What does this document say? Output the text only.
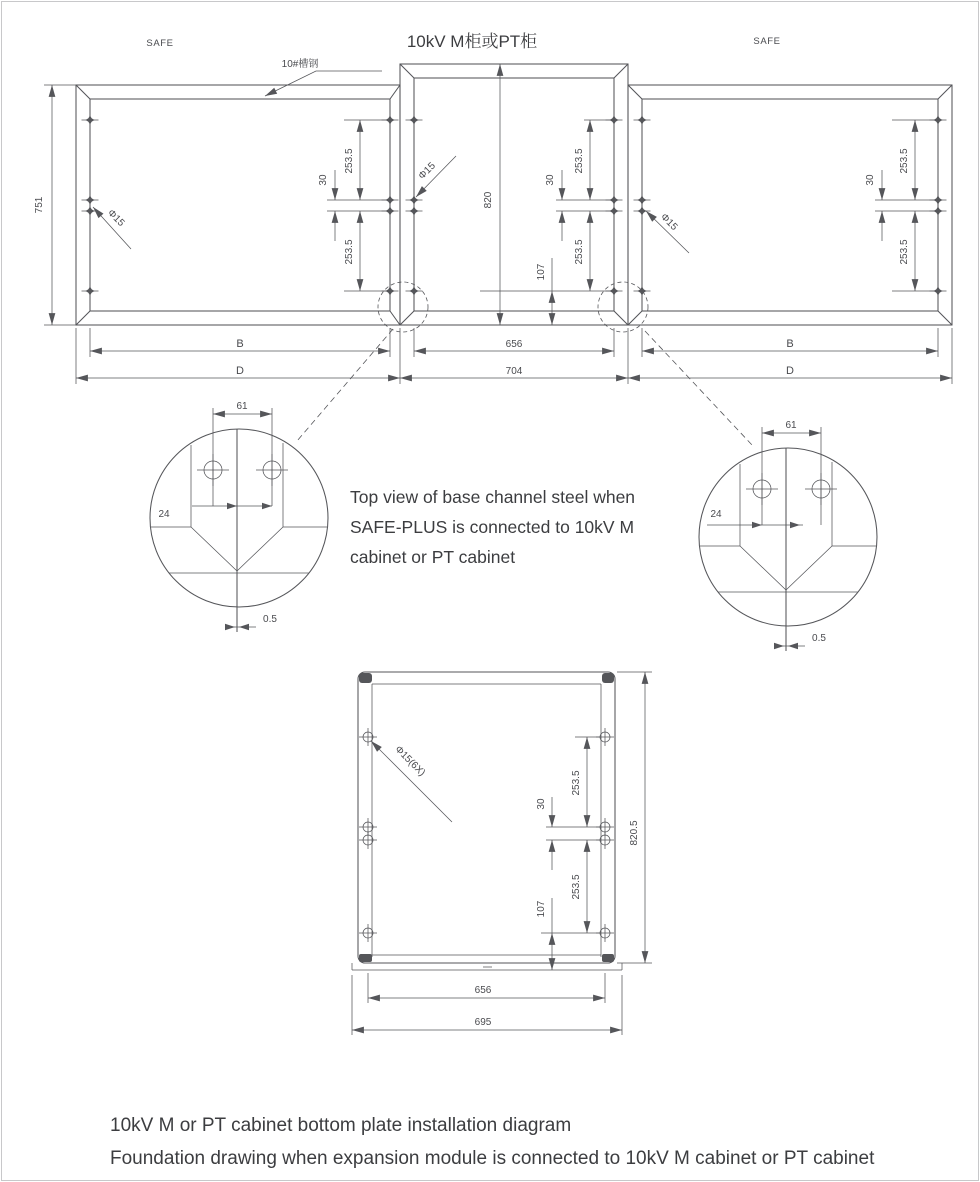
SAFE	10kV M柜或PT柜	SAFE
10#槽钢
751
Φ15
253.5
30
253.5
B
D
820
Φ15	253.5
30
253.5
107
656
704
Φ15
253.5
30
253.5
B
D
61
24
0.5
Top view of base channel steel when
SAFE-PLUS is connected to 10kV M
cabinet or PT cabinet
61
24
0.5
Φ15(6X)
253.5
30
253.5
107
820.5
656
695
10kV M or PT cabinet bottom plate installation diagram
Foundation drawing when expansion module is connected to 10kV M cabinet or PT cabinet
